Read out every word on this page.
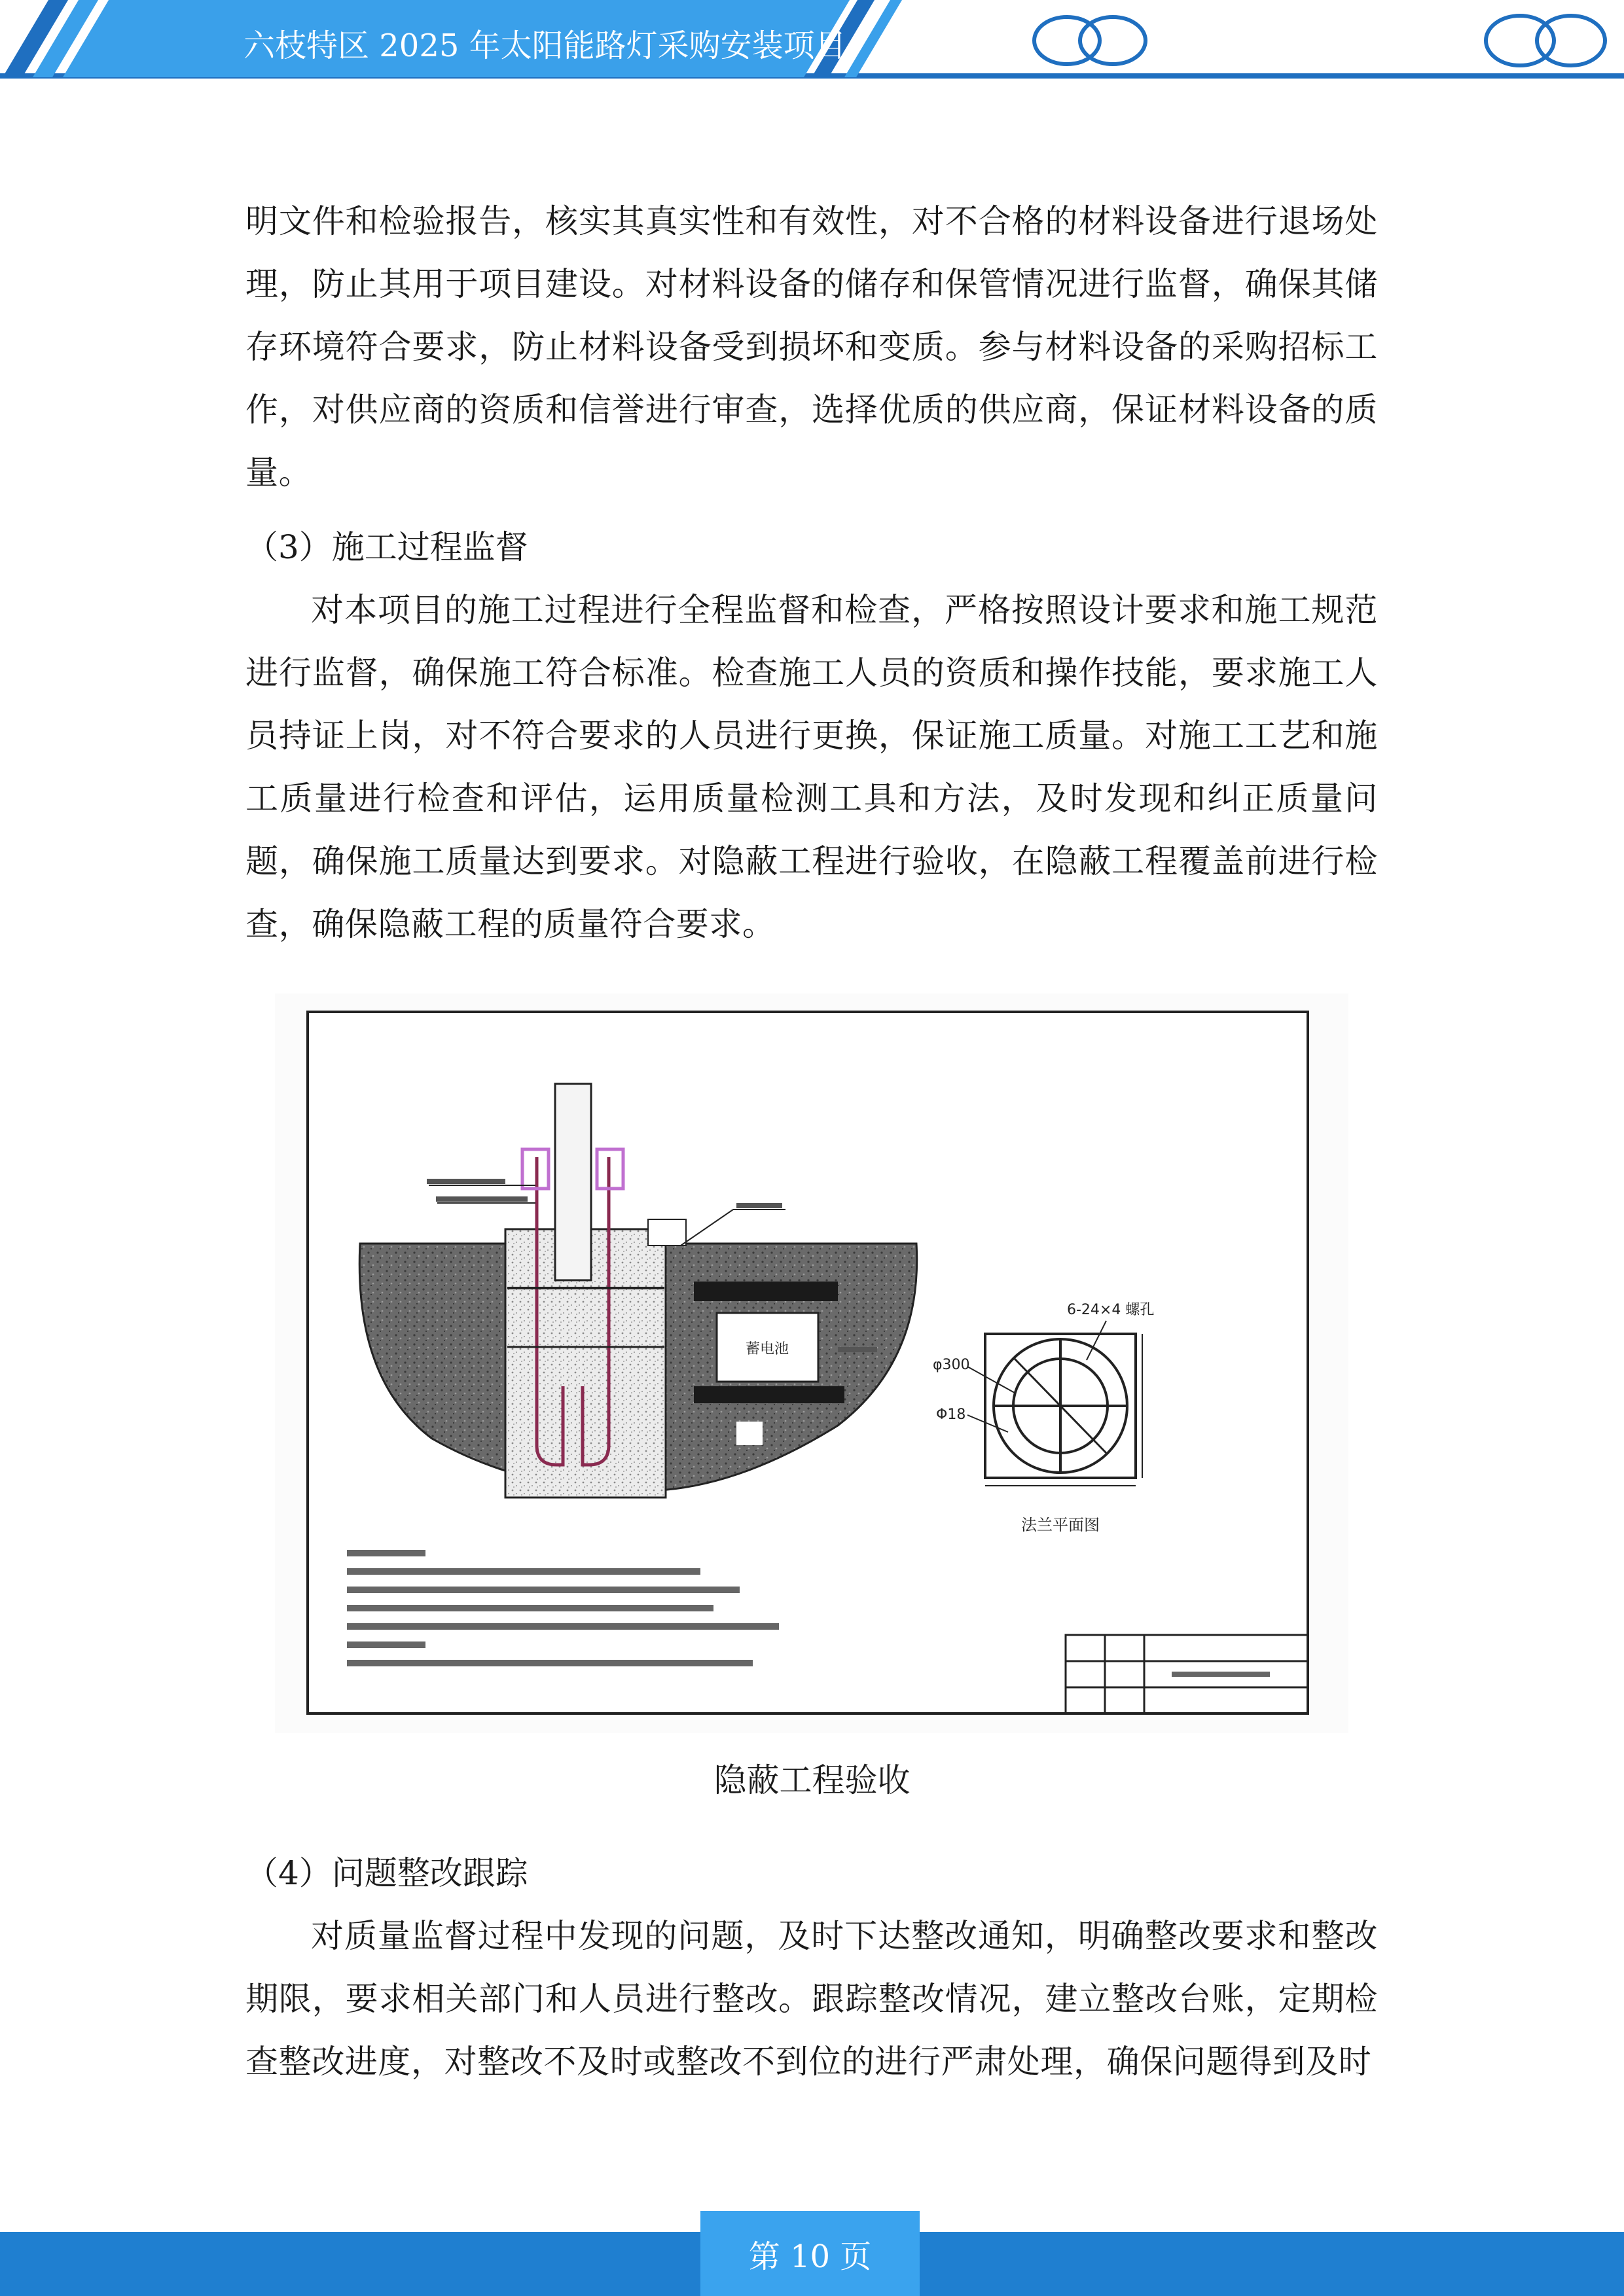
六枝特区 2025 年太阳能路灯采购安装项目

明文件和检验报告，核实其真实性和有效性，对不合格的材料设备进行退场处理，防止其用于项目建设。对材料设备的储存和保管情况进行监督，确保其储存环境符合要求，防止材料设备受到损坏和变质。参与材料设备的采购招标工作，对供应商的资质和信誉进行审查，选择优质的供应商，保证材料设备的质量。

（3）施工过程监督

对本项目的施工过程进行全程监督和检查，严格按照设计要求和施工规范进行监督，确保施工符合标准。检查施工人员的资质和操作技能，要求施工人员持证上岗，对不符合要求的人员进行更换，保证施工质量。对施工工艺和施工质量进行检查和评估，运用质量检测工具和方法，及时发现和纠正质量问题，确保施工质量达到要求。对隐蔽工程进行验收，在隐蔽工程覆盖前进行检查，确保隐蔽工程的质量符合要求。

蓄电池
6-24×4 螺孔
φ300
Φ18
法兰平面图
隐蔽工程验收

（4）问题整改跟踪

对质量监督过程中发现的问题，及时下达整改通知，明确整改要求和整改期限，要求相关部门和人员进行整改。跟踪整改情况，建立整改台账，定期检查整改进度，对整改不及时或整改不到位的进行严肃处理，确保问题得到及时

第 10 页
